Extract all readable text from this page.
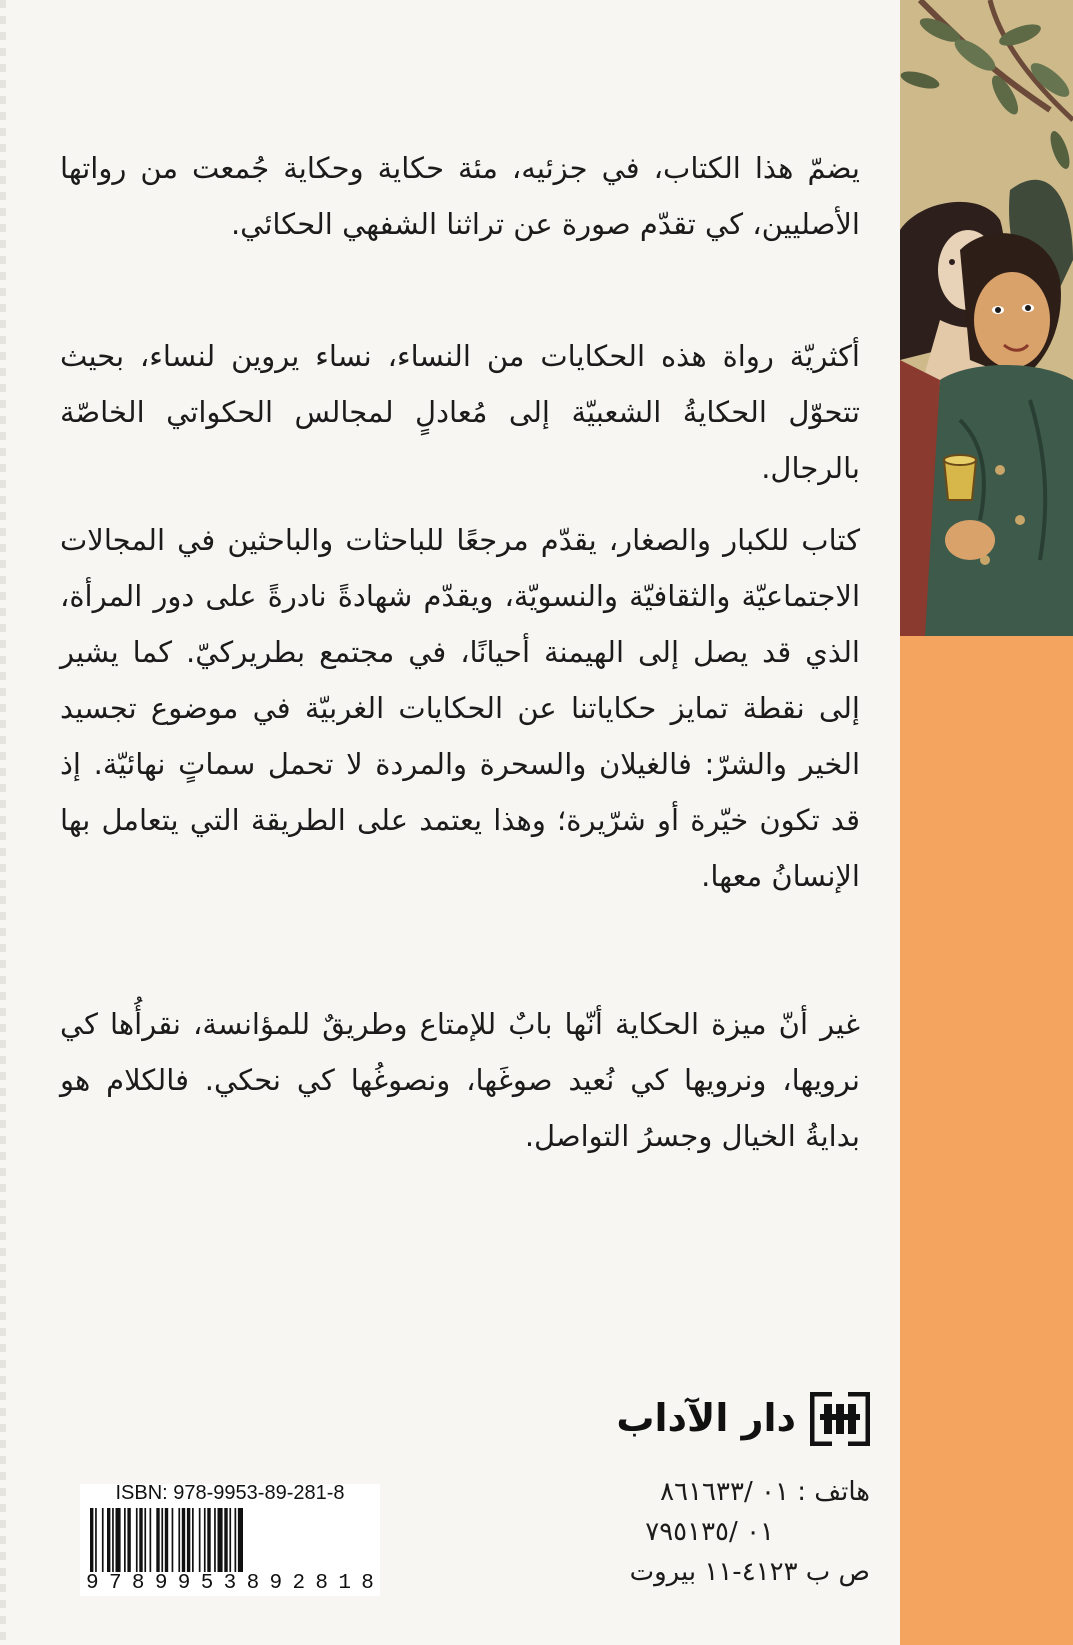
يضمّ هذا الكتاب، في جزئيه، مئة حكاية وحكاية جُمعت من رواتها الأصليين، كي تقدّم صورة عن تراثنا الشفهي الحكائي.

أكثريّة رواة هذه الحكايات من النساء، نساء يروين لنساء، بحيث تتحوّل الحكايةُ الشعبيّة إلى مُعادلٍ لمجالس الحكواتي الخاصّة بالرجال.

كتاب للكبار والصغار، يقدّم مرجعًا للباحثات والباحثين في المجالات الاجتماعيّة والثقافيّة والنسويّة، ويقدّم شهادةً نادرةً على دور المرأة، الذي قد يصل إلى الهيمنة أحيانًا، في مجتمع بطريركيّ. كما يشير إلى نقطة تمايز حكاياتنا عن الحكايات الغربيّة في موضوع تجسيد الخير والشرّ: فالغيلان والسحرة والمردة لا تحمل سماتٍ نهائيّة. إذ قد تكون خيّرة أو شرّيرة؛ وهذا يعتمد على الطريقة التي يتعامل بها الإنسانُ معها.

غير أنّ ميزة الحكاية أنّها بابٌ للإمتاع وطريقٌ للمؤانسة، نقرأُها كي نرويها، ونرويها كي نُعيد صوغَها، ونصوغُها كي نحكي. فالكلام هو بدايةُ الخيال وجسرُ التواصل.

دار الآداب
هاتف : ٠١ /٨٦١٦٣٣
٠١ /٧٩٥١٣٥
ص ب ٤١٢٣-١١ بيروت
ISBN: 978-9953-89-281-8
9 7 8 9 9 5 3 8 9 2 8 1 8
